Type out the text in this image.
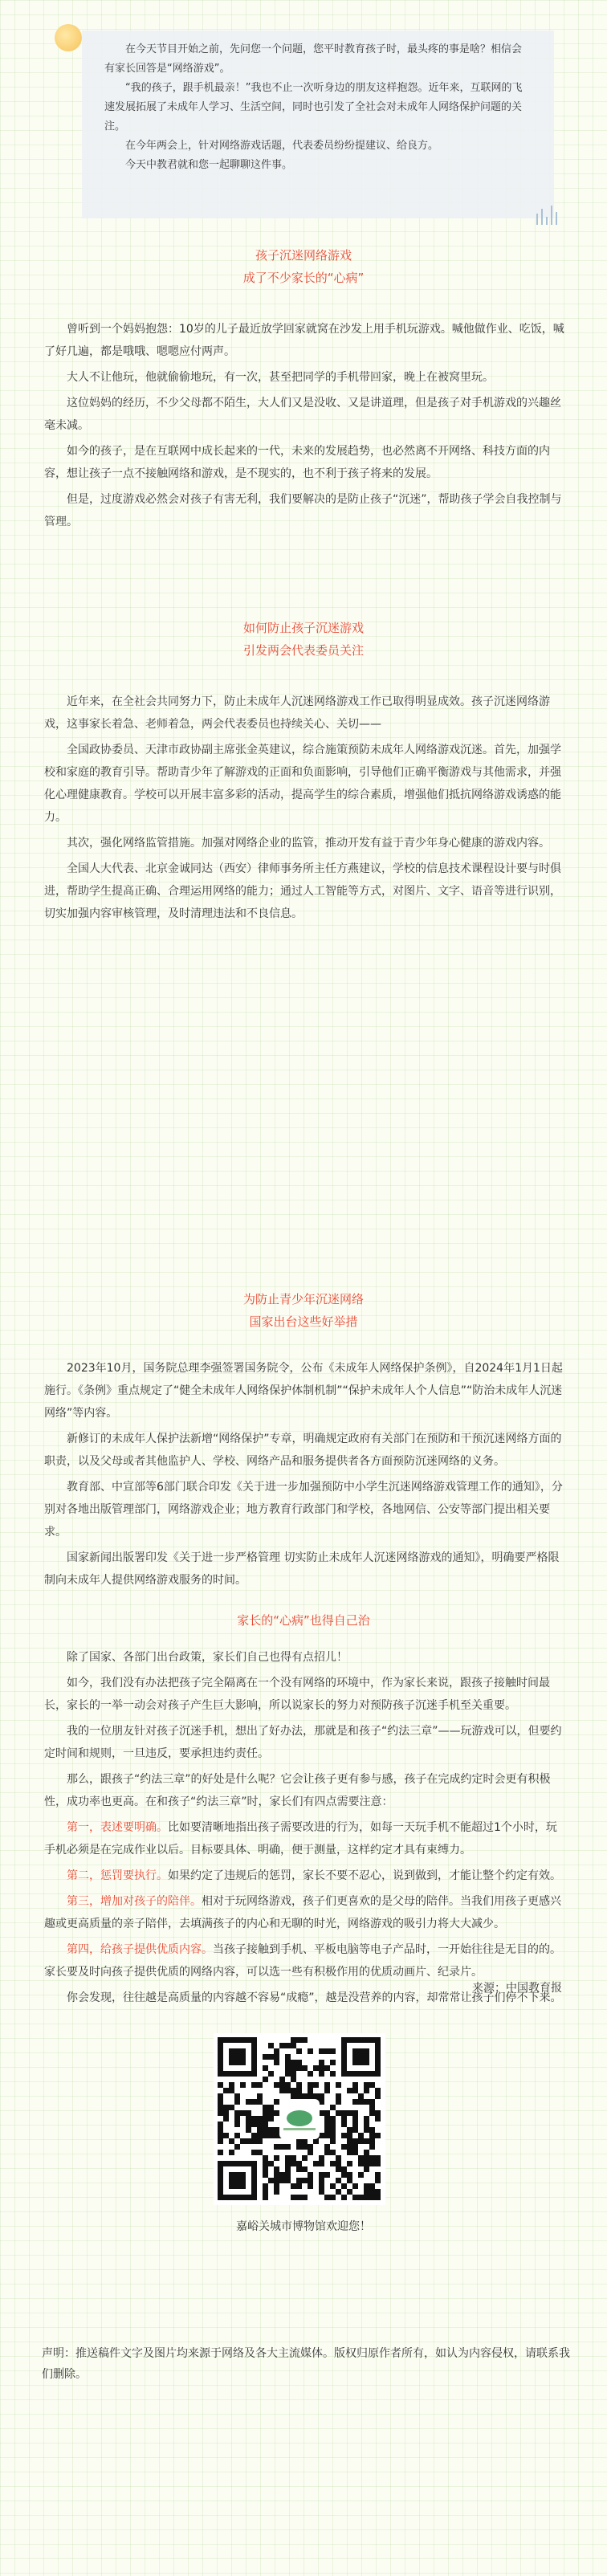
在今天节目开始之前，先问您一个问题，您平时教育孩子时，最头疼的事是啥？相信会有家长回答是“网络游戏”。

“我的孩子，跟手机最亲！”我也不止一次听身边的朋友这样抱怨。近年来，互联网的飞速发展拓展了未成年人学习、生活空间，同时也引发了全社会对未成年人网络保护问题的关注。

在今年两会上，针对网络游戏话题，代表委员纷纷提建议、给良方。

今天中教君就和您一起聊聊这件事。

孩子沉迷网络游戏
成了不少家长的“心病”

曾听到一个妈妈抱怨：10岁的儿子最近放学回家就窝在沙发上用手机玩游戏。喊他做作业、吃饭，喊了好几遍，都是哦哦、嗯嗯应付两声。

大人不让他玩，他就偷偷地玩，有一次，甚至把同学的手机带回家，晚上在被窝里玩。

这位妈妈的经历，不少父母都不陌生，大人们又是没收、又是讲道理，但是孩子对手机游戏的兴趣丝毫未减。

如今的孩子，是在互联网中成长起来的一代，未来的发展趋势，也必然离不开网络、科技方面的内容，想让孩子一点不接触网络和游戏，是不现实的，也不利于孩子将来的发展。

但是，过度游戏必然会对孩子有害无利，我们要解决的是防止孩子“沉迷”，帮助孩子学会自我控制与管理。

如何防止孩子沉迷游戏
引发两会代表委员关注

近年来，在全社会共同努力下，防止未成年人沉迷网络游戏工作已取得明显成效。孩子沉迷网络游戏，这事家长着急、老师着急，两会代表委员也持续关心、关切——

全国政协委员、天津市政协副主席张金英建议，综合施策预防未成年人网络游戏沉迷。首先，加强学校和家庭的教育引导。帮助青少年了解游戏的正面和负面影响，引导他们正确平衡游戏与其他需求，并强化心理健康教育。学校可以开展丰富多彩的活动，提高学生的综合素质，增强他们抵抗网络游戏诱惑的能力。

其次，强化网络监管措施。加强对网络企业的监管，推动开发有益于青少年身心健康的游戏内容。

全国人大代表、北京金诚同达（西安）律师事务所主任方燕建议，学校的信息技术课程设计要与时俱进，帮助学生提高正确、合理运用网络的能力；通过人工智能等方式，对图片、文字、语音等进行识别，切实加强内容审核管理，及时清理违法和不良信息。

为防止青少年沉迷网络
国家出台这些好举措

2023年10月，国务院总理李强签署国务院令，公布《未成年人网络保护条例》，自2024年1月1日起施行。《条例》重点规定了“健全未成年人网络保护体制机制”“保护未成年人个人信息”“防治未成年人沉迷网络”等内容。

新修订的未成年人保护法新增“网络保护”专章，明确规定政府有关部门在预防和干预沉迷网络方面的职责，以及父母或者其他监护人、学校、网络产品和服务提供者各方面预防沉迷网络的义务。

教育部、中宣部等6部门联合印发《关于进一步加强预防中小学生沉迷网络游戏管理工作的通知》，分别对各地出版管理部门，网络游戏企业；地方教育行政部门和学校，各地网信、公安等部门提出相关要求。

国家新闻出版署印发《关于进一步严格管理 切实防止未成年人沉迷网络游戏的通知》，明确要严格限制向未成年人提供网络游戏服务的时间。

家长的“心病”也得自己治

除了国家、各部门出台政策，家长们自己也得有点招儿！

如今，我们没有办法把孩子完全隔离在一个没有网络的环境中，作为家长来说，跟孩子接触时间最长，家长的一举一动会对孩子产生巨大影响，所以说家长的努力对预防孩子沉迷手机至关重要。

我的一位朋友针对孩子沉迷手机，想出了好办法，那就是和孩子“约法三章”——玩游戏可以，但要约定时间和规则，一旦违反，要承担违约责任。

那么，跟孩子“约法三章”的好处是什么呢？它会让孩子更有参与感，孩子在完成约定时会更有积极性，成功率也更高。在和孩子“约法三章”时，家长们有四点需要注意：

第一，表述要明确。比如要清晰地指出孩子需要改进的行为，如每一天玩手机不能超过1个小时，玩手机必须是在完成作业以后。目标要具体、明确，便于测量，这样约定才具有束缚力。

第二，惩罚要执行。如果约定了违规后的惩罚，家长不要不忍心，说到做到，才能让整个约定有效。

第三，增加对孩子的陪伴。相对于玩网络游戏，孩子们更喜欢的是父母的陪伴。当我们用孩子更感兴趣或更高质量的亲子陪伴，去填满孩子的内心和无聊的时光，网络游戏的吸引力将大大减少。

第四，给孩子提供优质内容。当孩子接触到手机、平板电脑等电子产品时，一开始往往是无目的的。家长要及时向孩子提供优质的网络内容，可以选一些有积极作用的优质动画片、纪录片。

你会发现，往往越是高质量的内容越不容易“成瘾”，越是没营养的内容，却常常让孩子们停不下来。

来源：中国教育报
嘉峪关城市博物馆欢迎您！
声明：推送稿件文字及图片均来源于网络及各大主流媒体。版权归原作者所有，如认为内容侵权，请联系我们删除。
